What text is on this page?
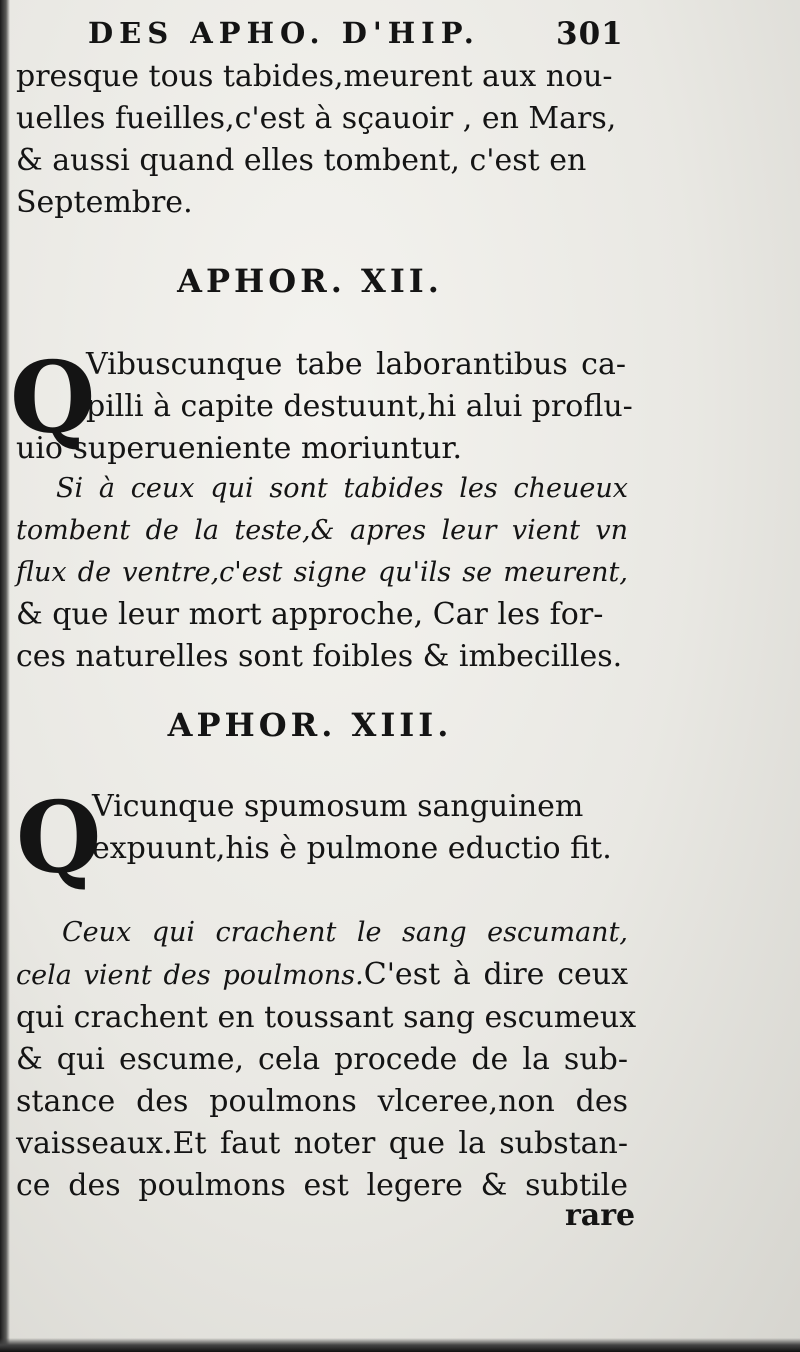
DES APHO. D'HIP.	301
presque tous tabides,meurent aux nou-
uelles fueilles,c'est à sçauoir , en Mars,
& aussi quand elles tombent, c'est en
Septembre.
APHOR. XII.
Q
Vibuscunque tabe laborantibus ca-
pilli à capite destuunt,hi alui proflu-
uio superueniente moriuntur.
Si à ceux qui sont tabides les cheueux
tombent de la teste,& apres leur vient vn
flux de ventre,c'est signe qu'ils se meurent,
& que leur mort approche, Car les for-
ces naturelles sont foibles & imbecilles.
APHOR. XIII.
Q
Vicunque spumosum sanguinem
expuunt,his è pulmone eductio fit.
Ceux qui crachent le sang escumant,
cela vient des poulmons.C'est à dire ceux
qui crachent en toussant sang escumeux
& qui escume, cela procede de la sub-
stance des poulmons vlceree,non des
vaisseaux.Et faut noter que la substan-
ce des poulmons est legere & subtile
rare
